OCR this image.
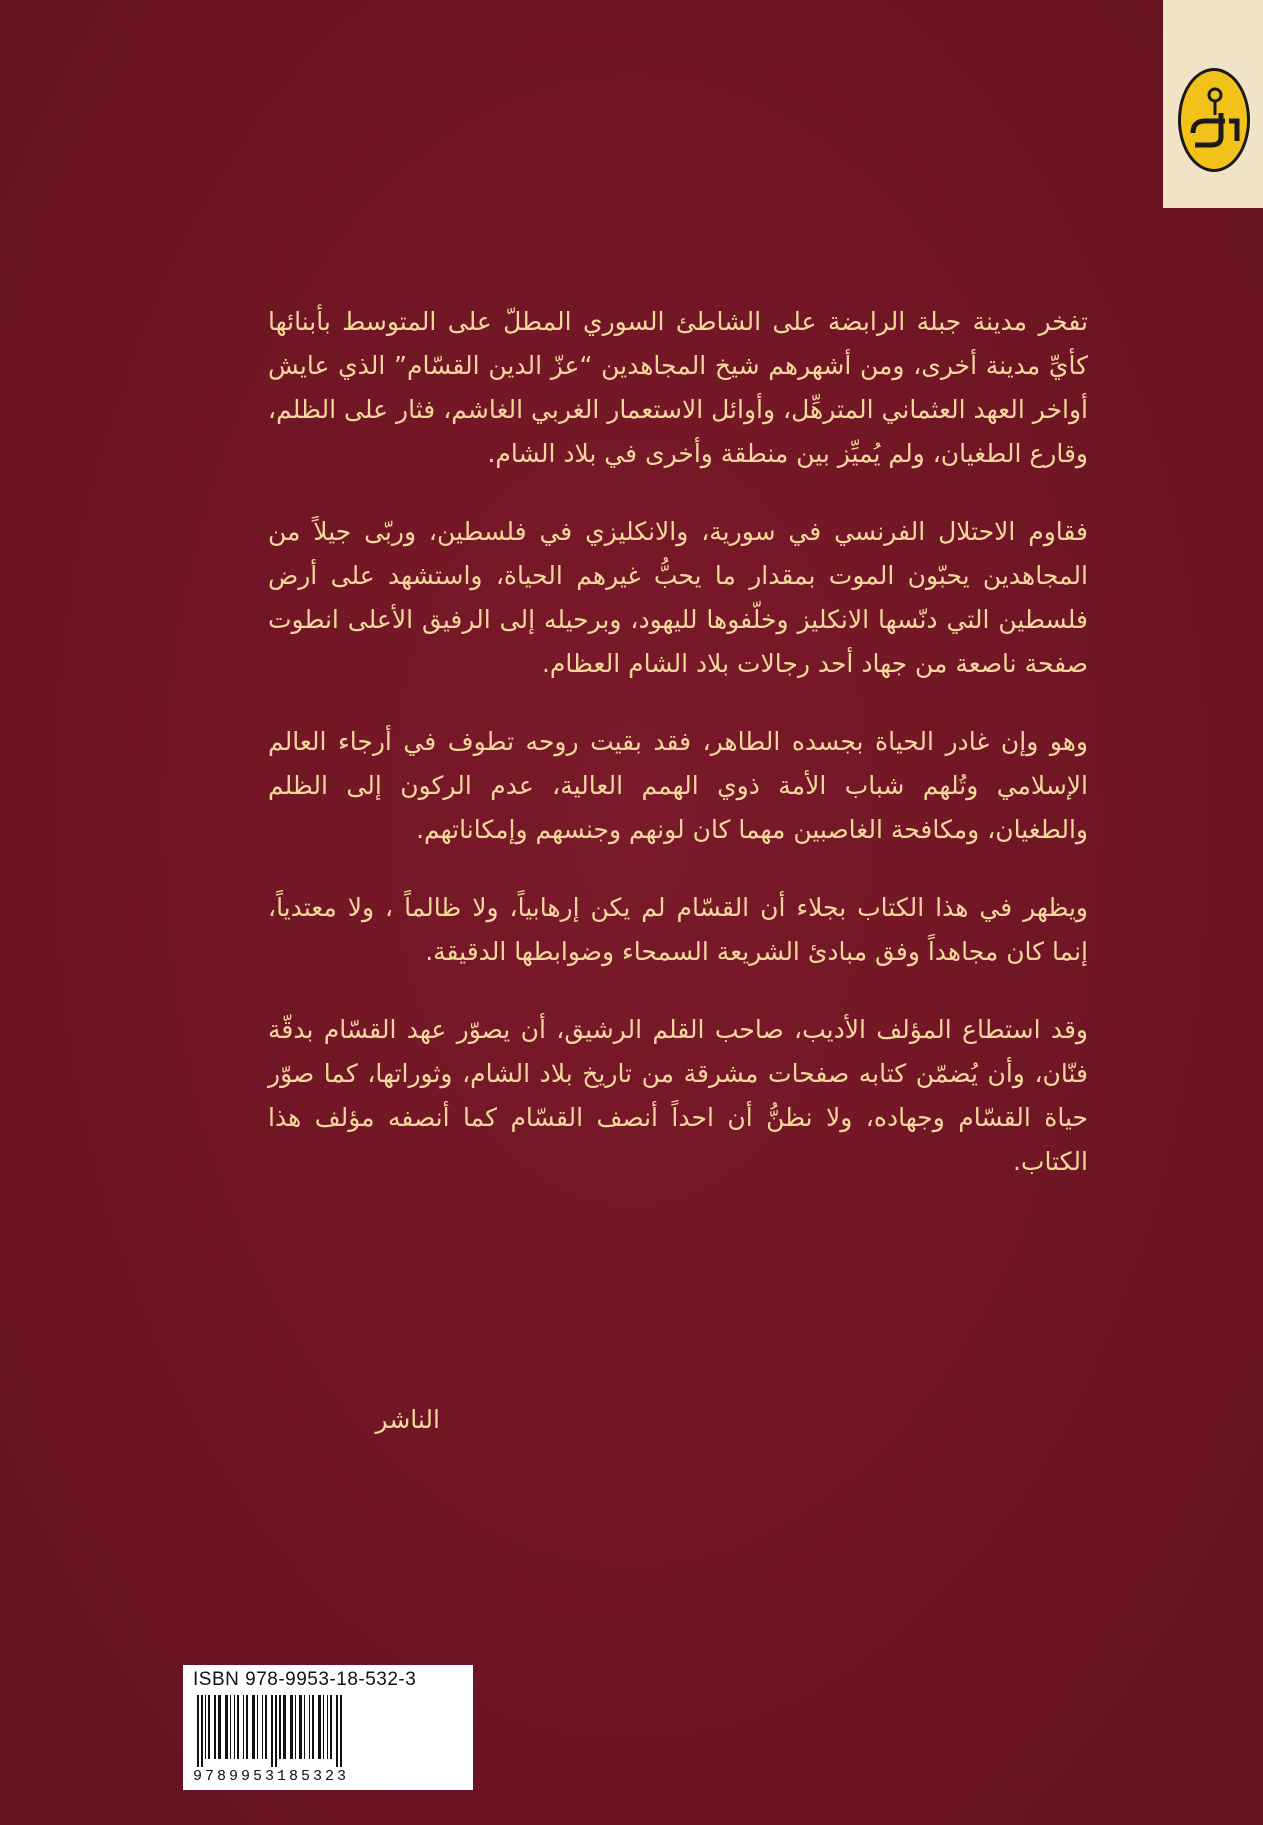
تفخر مدينة جبلة الرابضة على الشاطئ السوري المطلّ على المتوسط بأبنائها كأيِّ مدينة أخرى، ومن أشهرهم شيخ المجاهدين “عزّ الدين القسّام” الذي عايش أواخر العهد العثماني المترهِّل، وأوائل الاستعمار الغربي الغاشم، فثار على الظلم، وقارع الطغيان، ولم يُميِّز بين منطقة وأخرى في بلاد الشام.

فقاوم الاحتلال الفرنسي في سورية، والانكليزي في فلسطين، وربّى جيلاً من المجاهدين يحبّون الموت بمقدار ما يحبُّ غيرهم الحياة، واستشهد على أرض فلسطين التي دنّسها الانكليز وخلّفوها لليهود، وبرحيله إلى الرفيق الأعلى انطوت صفحة ناصعة من جهاد أحد رجالات بلاد الشام العظام.

وهو وإن غادر الحياة بجسده الطاهر، فقد بقيت روحه تطوف في أرجاء العالم الإسلامي وتُلهم شباب الأمة ذوي الهمم العالية، عدم الركون إلى الظلم والطغيان، ومكافحة الغاصبين مهما كان لونهم وجنسهم وإمكاناتهم.

ويظهر في هذا الكتاب بجلاء أن القسّام لم يكن إرهابياً، ولا ظالماً ، ولا معتدياً، إنما كان مجاهداً وفق مبادئ الشريعة السمحاء وضوابطها الدقيقة.

وقد استطاع المؤلف الأديب، صاحب القلم الرشيق، أن يصوّر عهد القسّام بدقّة فنّان، وأن يُضمّن كتابه صفحات مشرقة من تاريخ بلاد الشام، وثوراتها، كما صوّر حياة القسّام وجهاده، ولا نظنُّ أن احداً أنصف القسّام كما أنصفه مؤلف هذا الكتاب.

الناشر
ISBN 978-9953-18-532-3
9789953185323
